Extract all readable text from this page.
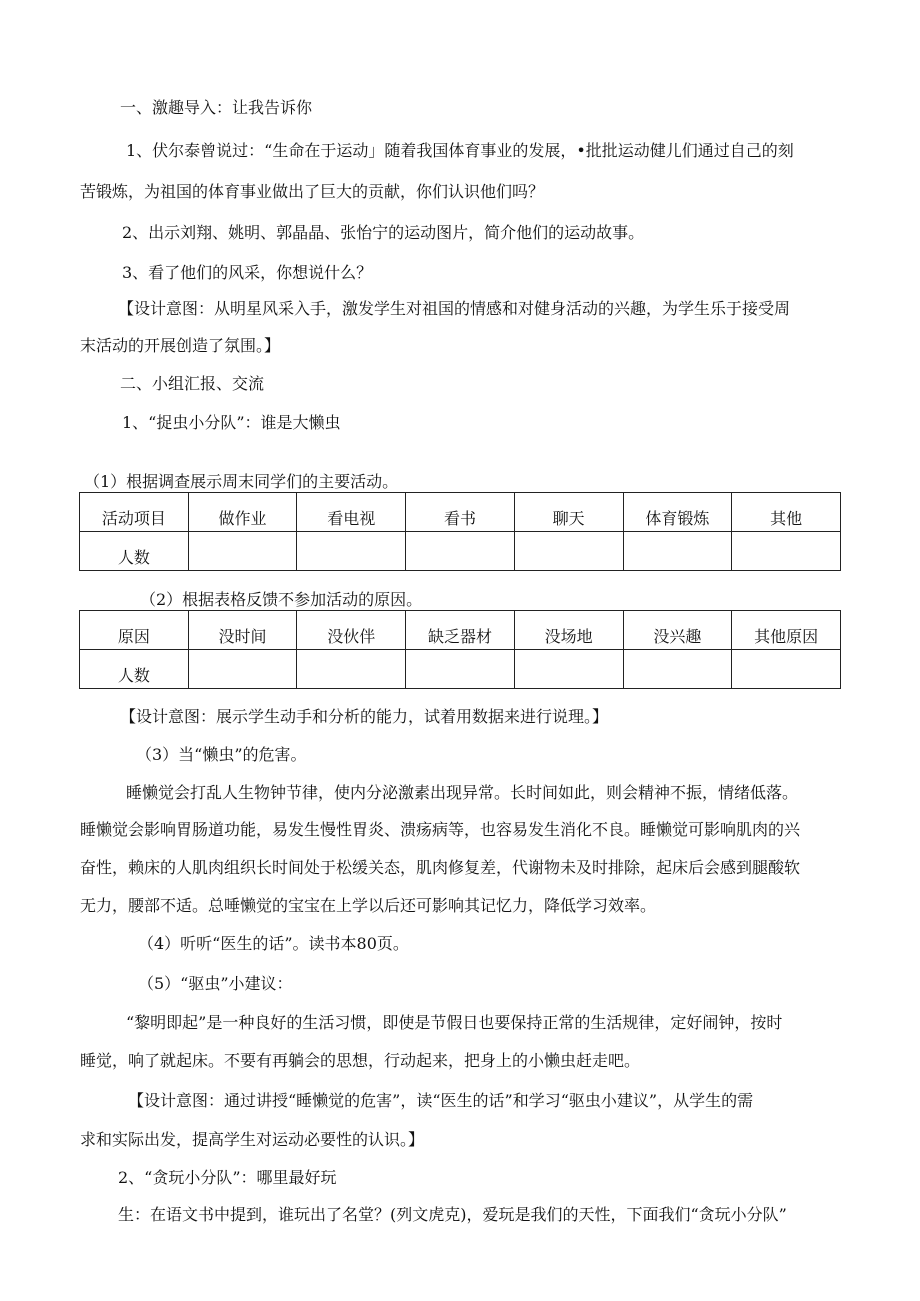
一、激趣导入：让我告诉你
1、伏尔泰曾说过：“生命在于运动」随着我国体育事业的发展，•批批运动健儿们通过自己的刻
苦锻炼，为祖国的体育事业做出了巨大的贡献，你们认识他们吗？
2、出示刘翔、姚明、郭晶晶、张怡宁的运动图片，简介他们的运动故事。
3、看了他们的风采，你想说什么？
【设计意图：从明星风采入手，激发学生对祖国的情感和对健身活动的兴趣，为学生乐于接受周
末活动的开展创造了氛围。】
二、小组汇报、交流
1、“捉虫小分队”：谁是大懒虫
（1）根据调查展示周末同学们的主要活动。
活动项目	做作业	看电视	看书	聊天	体育锻炼	其他

人数						

（2）根据表格反馈不参加活动的原因。
原因	没时间	没伙伴	缺乏器材	没场地	没兴趣	其他原因

人数						

【设计意图：展示学生动手和分析的能力，试着用数据来进行说理。】
（3）当“懒虫”的危害。
睡懒觉会打乱人生物钟节律，使内分泌激素出现异常。长时间如此，则会精神不振，情绪低落。
睡懒觉会影响胃肠道功能，易发生慢性胃炎、溃疡病等，也容易发生消化不良。睡懒觉可影响肌肉的兴
奋性，赖床的人肌肉组织长时间处于松缓关态，肌肉修复差，代谢物未及时排除，起床后会感到腿酸软
无力，腰部不适。总唾懒觉的宝宝在上学以后还可影响其记忆力，降低学习效率。
（4）听听“医生的话”。读书本80页。
（5）“驱虫”小建议：
“黎明即起”是一种良好的生活习惯，即使是节假日也要保持正常的生活规律，定好闹钟，按时
睡觉，响了就起床。不要有再躺会的思想，行动起来，把身上的小懒虫赶走吧。
【设计意图：通过讲授“睡懒觉的危害”，读“医生的话”和学习“驱虫小建议”，从学生的需
求和实际出发，提高学生对运动必要性的认识。】
2、“贪玩小分队”：哪里最好玩
生：在语文书中提到，谁玩出了名堂？(列文虎克)，爱玩是我们的天性，下面我们“贪玩小分队”
